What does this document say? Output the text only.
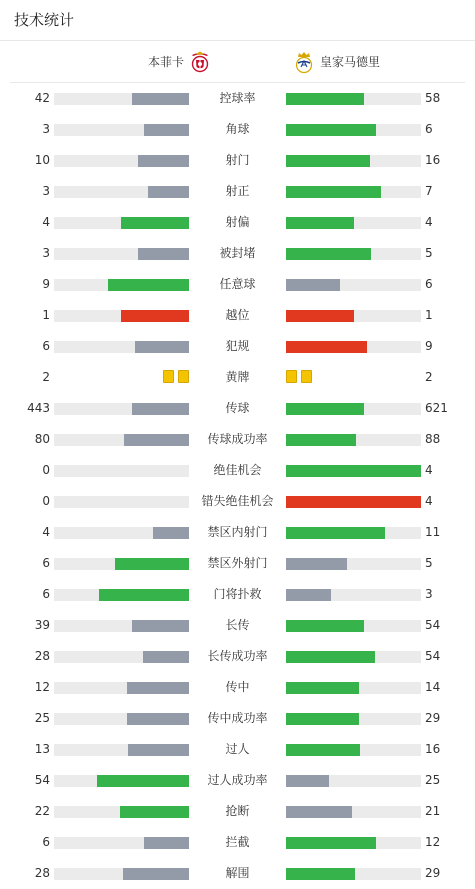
技术统计
本菲卡	皇家马德里
42	控球率	58
3	角球	6
10	射门	16
3	射正	7
4	射偏	4
3	被封堵	5
9	任意球	6
1	越位	1
6	犯规	9
2	黄牌	2
443	传球	621
80	传球成功率	88
0	绝佳机会	4
0	错失绝佳机会	4
4	禁区内射门	11
6	禁区外射门	5
6	门将扑救	3
39	长传	54
28	长传成功率	54
12	传中	14
25	传中成功率	29
13	过人	16
54	过人成功率	25
22	抢断	21
6	拦截	12
28	解围	29
